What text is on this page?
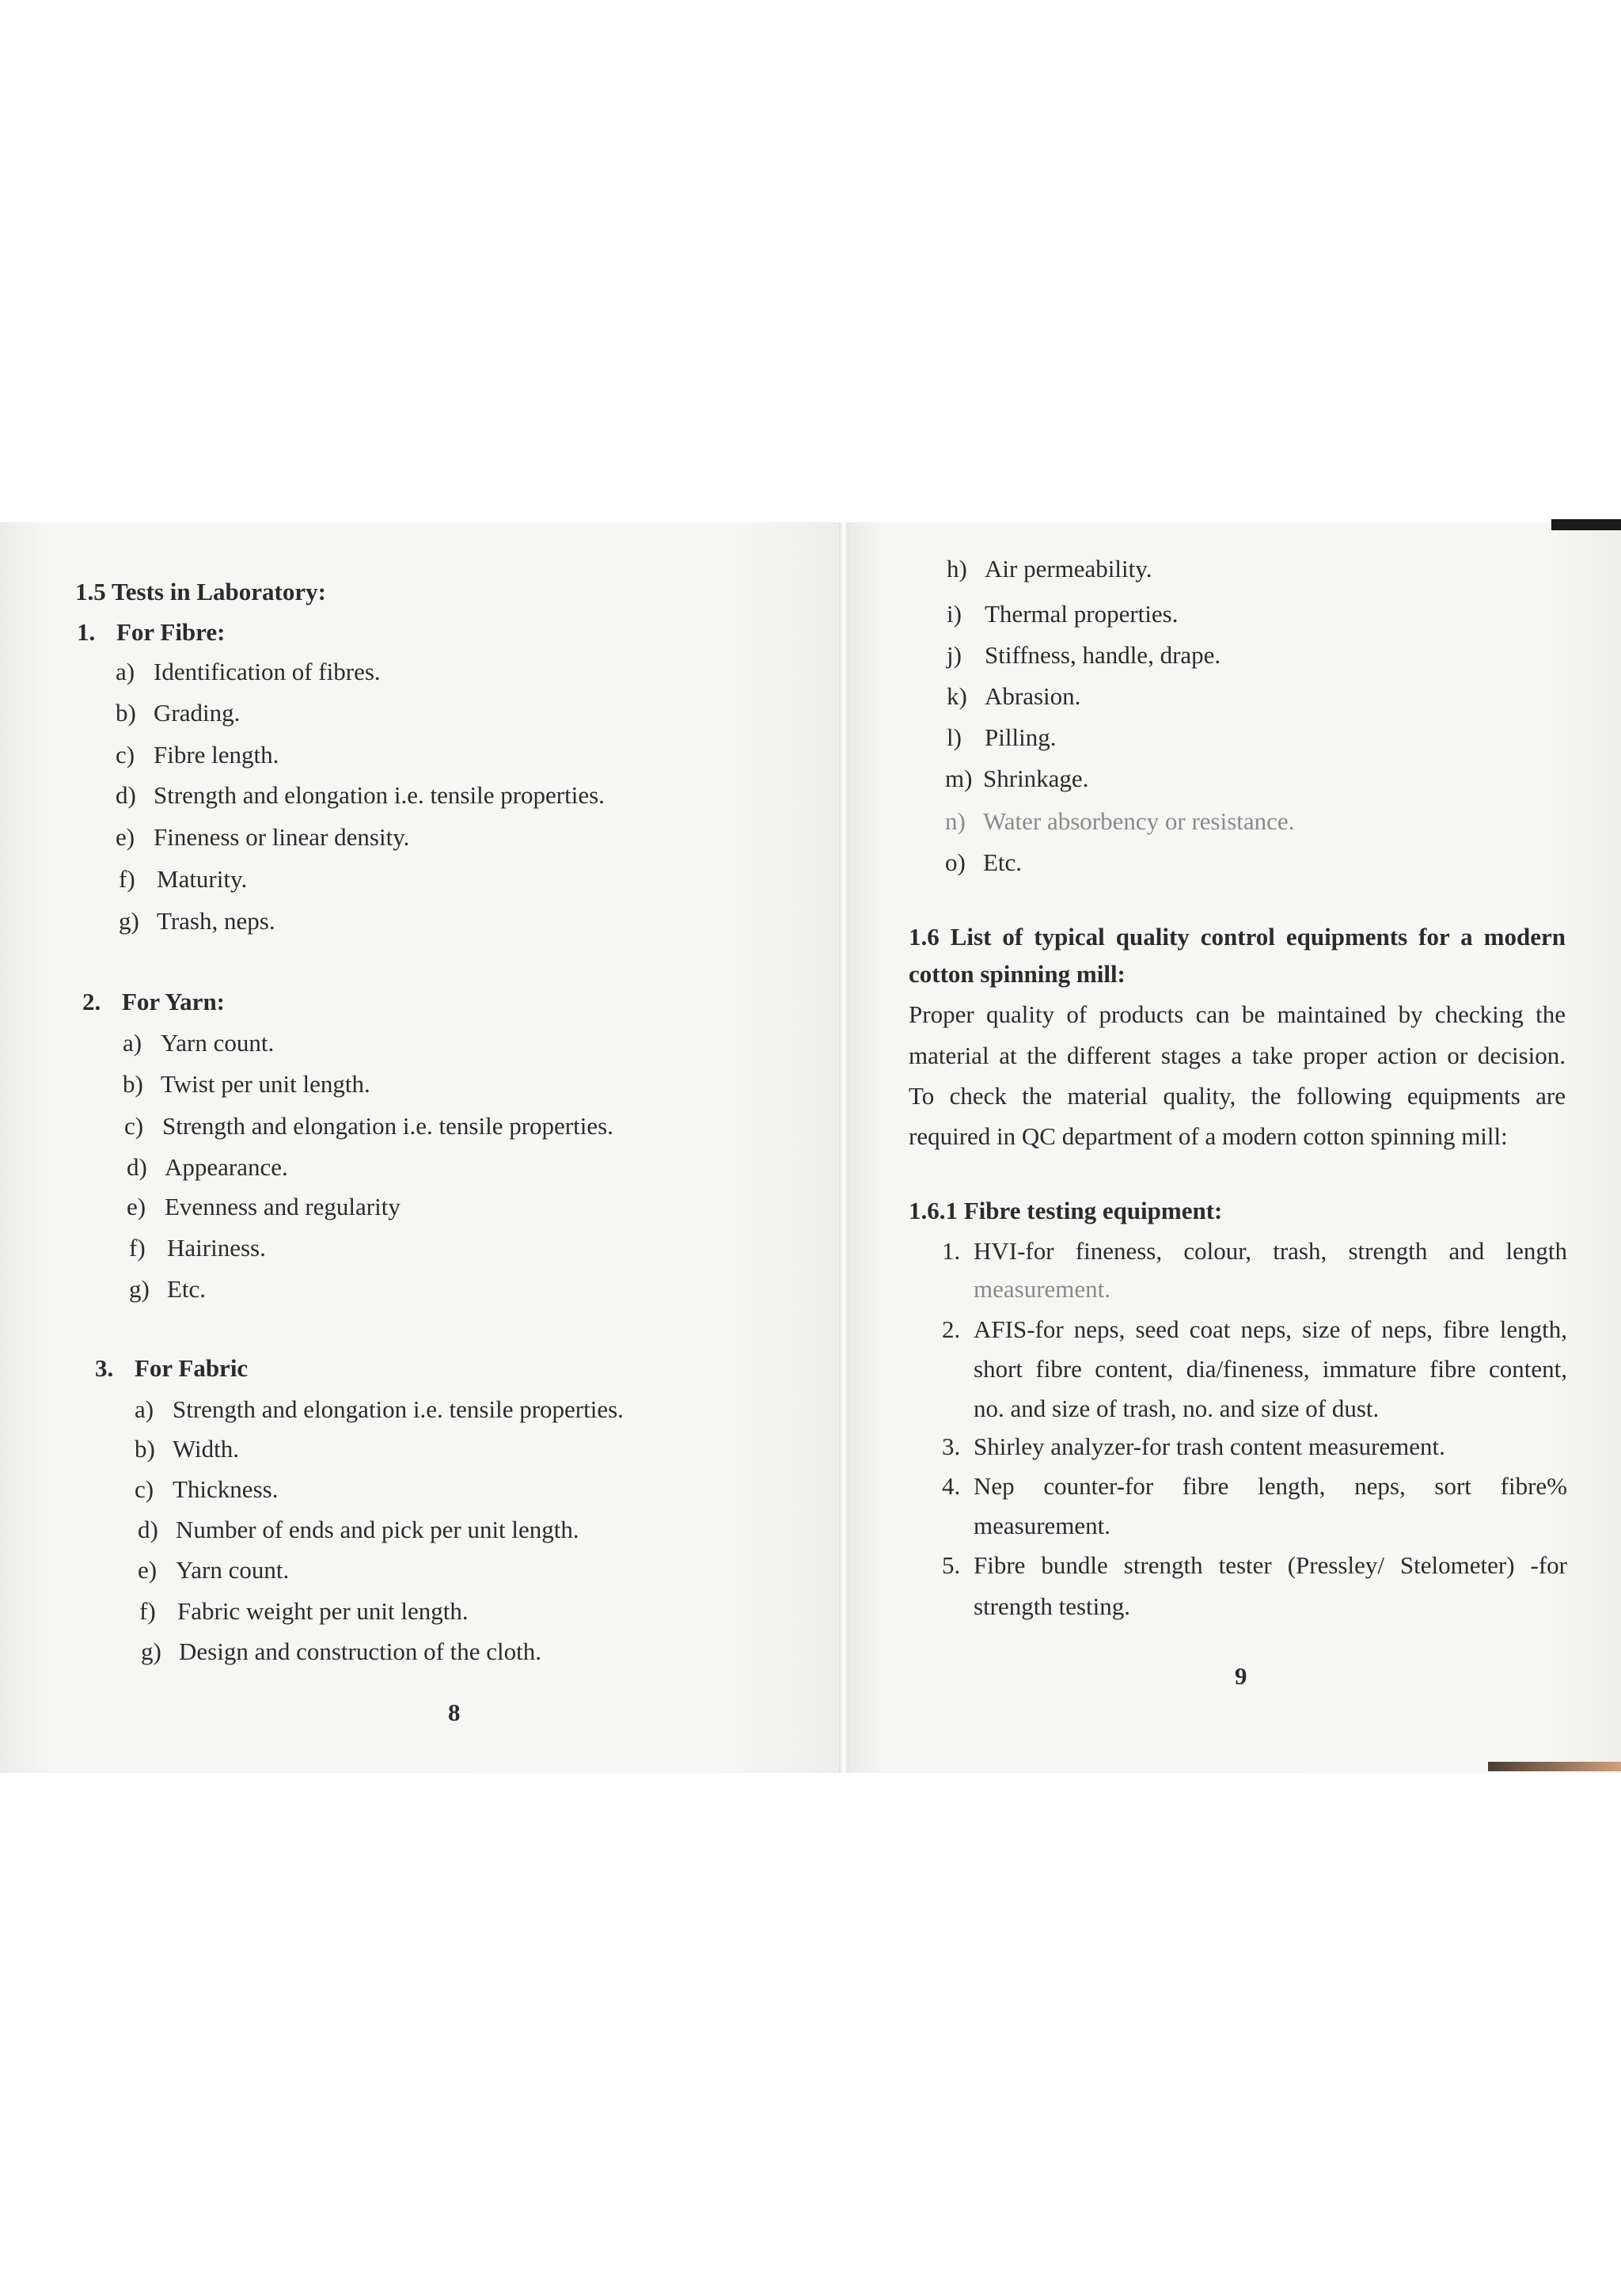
1.5 Tests in Laboratory:
1. For Fibre:
a) Identification of fibres.
b) Grading.
c) Fibre length.
d) Strength and elongation i.e. tensile properties.
e) Fineness or linear density.
f) Maturity.
g) Trash, neps.
2. For Yarn:
a) Yarn count.
b) Twist per unit length.
c) Strength and elongation i.e. tensile properties.
d) Appearance.
e) Evenness and regularity
f) Hairiness.
g) Etc.
3. For Fabric
a) Strength and elongation i.e. tensile properties.
b) Width.
c) Thickness.
d) Number of ends and pick per unit length.
e) Yarn count.
f) Fabric weight per unit length.
g) Design and construction of the cloth.
8
h) Air permeability.
i) Thermal properties.
j) Stiffness, handle, drape.
k) Abrasion.
l) Pilling.
m) Shrinkage.
n) Water absorbency or resistance.
o) Etc.
1.6 List of typical quality control equipments for a modern
cotton spinning mill:
Proper quality of products can be maintained by checking the
material at the different stages a take proper action or decision.
To check the material quality, the following equipments are
required in QC department of a modern cotton spinning mill:
1.6.1 Fibre testing equipment:
1. HVI-for fineness, colour, trash, strength and length
measurement.
2. AFIS-for neps, seed coat neps, size of neps, fibre length,
short fibre content, dia/fineness, immature fibre content,
no. and size of trash, no. and size of dust.
3. Shirley analyzer-for trash content measurement.
4. Nep counter-for fibre length, neps, sort fibre%
measurement.
5. Fibre bundle strength tester (Pressley/ Stelometer) -for
strength testing.
9
